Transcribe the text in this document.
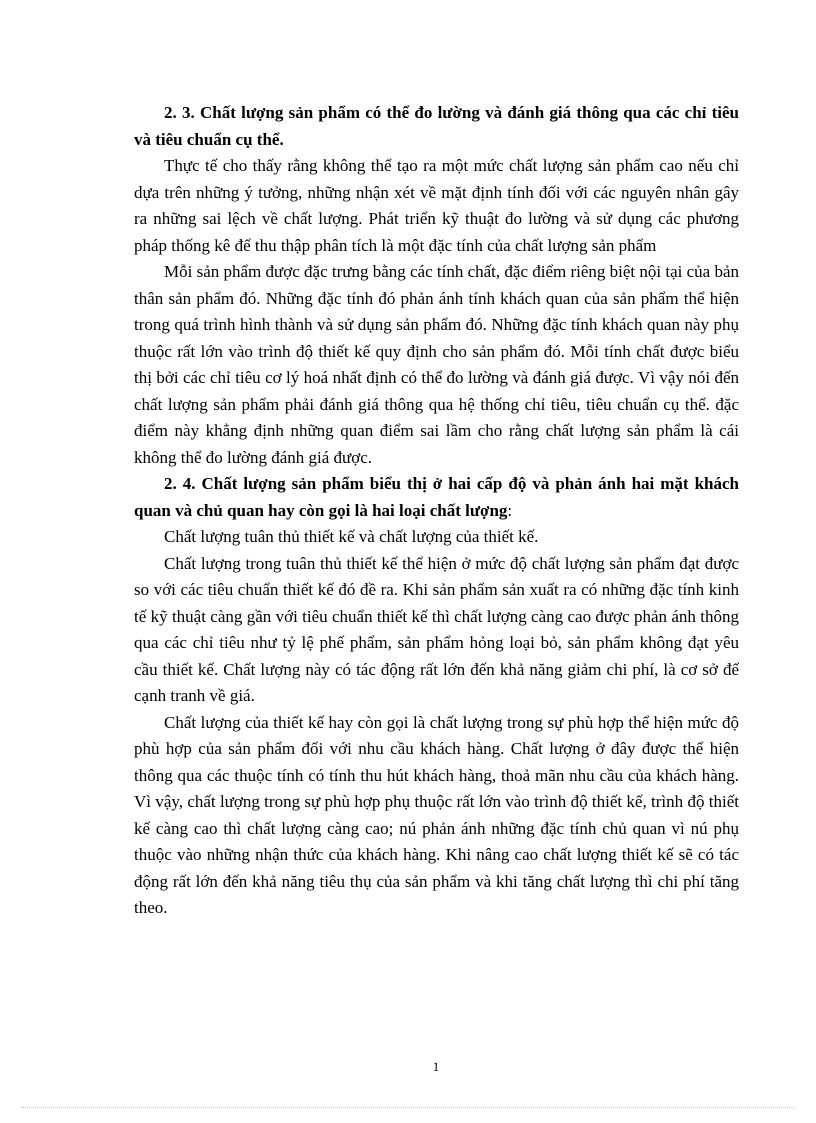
2. 3. Chất lượng sản phẩm có thể đo lường và đánh giá thông qua các chỉ tiêu và tiêu chuẩn cụ thể.

Thực tế cho thấy rằng không thể tạo ra một mức chất lượng sản phẩm cao nếu chỉ dựa trên những ý tưởng, những nhận xét về mặt định tính đối với các nguyên nhân gây ra những sai lệch về chất lượng. Phát triển kỹ thuật đo lường và sử dụng các phương pháp thống kê để thu thập phân tích là một đặc tính của chất lượng sản phẩm

Mỗi sản phẩm được đặc trưng bằng các tính chất, đặc điểm riêng biệt nội tại của bản thân sản phẩm đó. Những đặc tính đó phản ánh tính khách quan của sản phẩm thể hiện trong quá trình hình thành và sử dụng sản phẩm đó. Những đặc tính khách quan này phụ thuộc rất lớn vào trình độ thiết kế quy định cho sản phẩm đó. Mỗi tính chất được biểu thị bởi các chỉ tiêu cơ lý hoá nhất định có thể đo lường và đánh giá được. Vì vậy nói đến chất lượng sản phẩm phải đánh giá thông qua hệ thống chỉ tiêu, tiêu chuẩn cụ thể. đặc điểm này khẳng định những quan điểm sai lầm cho rằng chất lượng sản phẩm là cái không thể đo lường đánh giá được.

2. 4. Chất lượng sản phẩm biểu thị ở hai cấp độ và phản ánh hai mặt khách quan và chủ quan hay còn gọi là hai loại chất lượng:

Chất lượng tuân thủ thiết kế và chất lượng của thiết kế.

Chất lượng trong tuân thủ thiết kế thể hiện ở mức độ chất lượng sản phẩm đạt được so với các tiêu chuẩn thiết kế đó đề ra. Khi sản phẩm sản xuất ra có những đặc tính kinh tế kỹ thuật càng gần với tiêu chuẩn thiết kế thì chất lượng càng cao được phản ánh thông qua các chỉ tiêu như tỷ lệ phế phẩm, sản phẩm hỏng loại bỏ, sản phẩm không đạt yêu cầu thiết kế. Chất lượng này có tác động rất lớn đến khả năng giảm chi phí, là cơ sở để cạnh tranh về giá.

Chất lượng của thiết kế hay còn gọi là chất lượng trong sự phù hợp thể hiện mức độ phù hợp của sản phẩm đối với nhu cầu khách hàng. Chất lượng ở đây được thể hiện thông qua các thuộc tính có tính thu hút khách hàng, thoả mãn nhu cầu của khách hàng. Vì vậy, chất lượng trong sự phù hợp phụ thuộc rất lớn vào trình độ thiết kế, trình độ thiết kế càng cao thì chất lượng càng cao; nú phản ánh những đặc tính chủ quan vì nú phụ thuộc vào những nhận thức của khách hàng. Khi nâng cao chất lượng thiết kế sẽ có tác động rất lớn đến khả năng tiêu thụ của sản phẩm và khi tăng chất lượng thì chi phí tăng theo.

1
